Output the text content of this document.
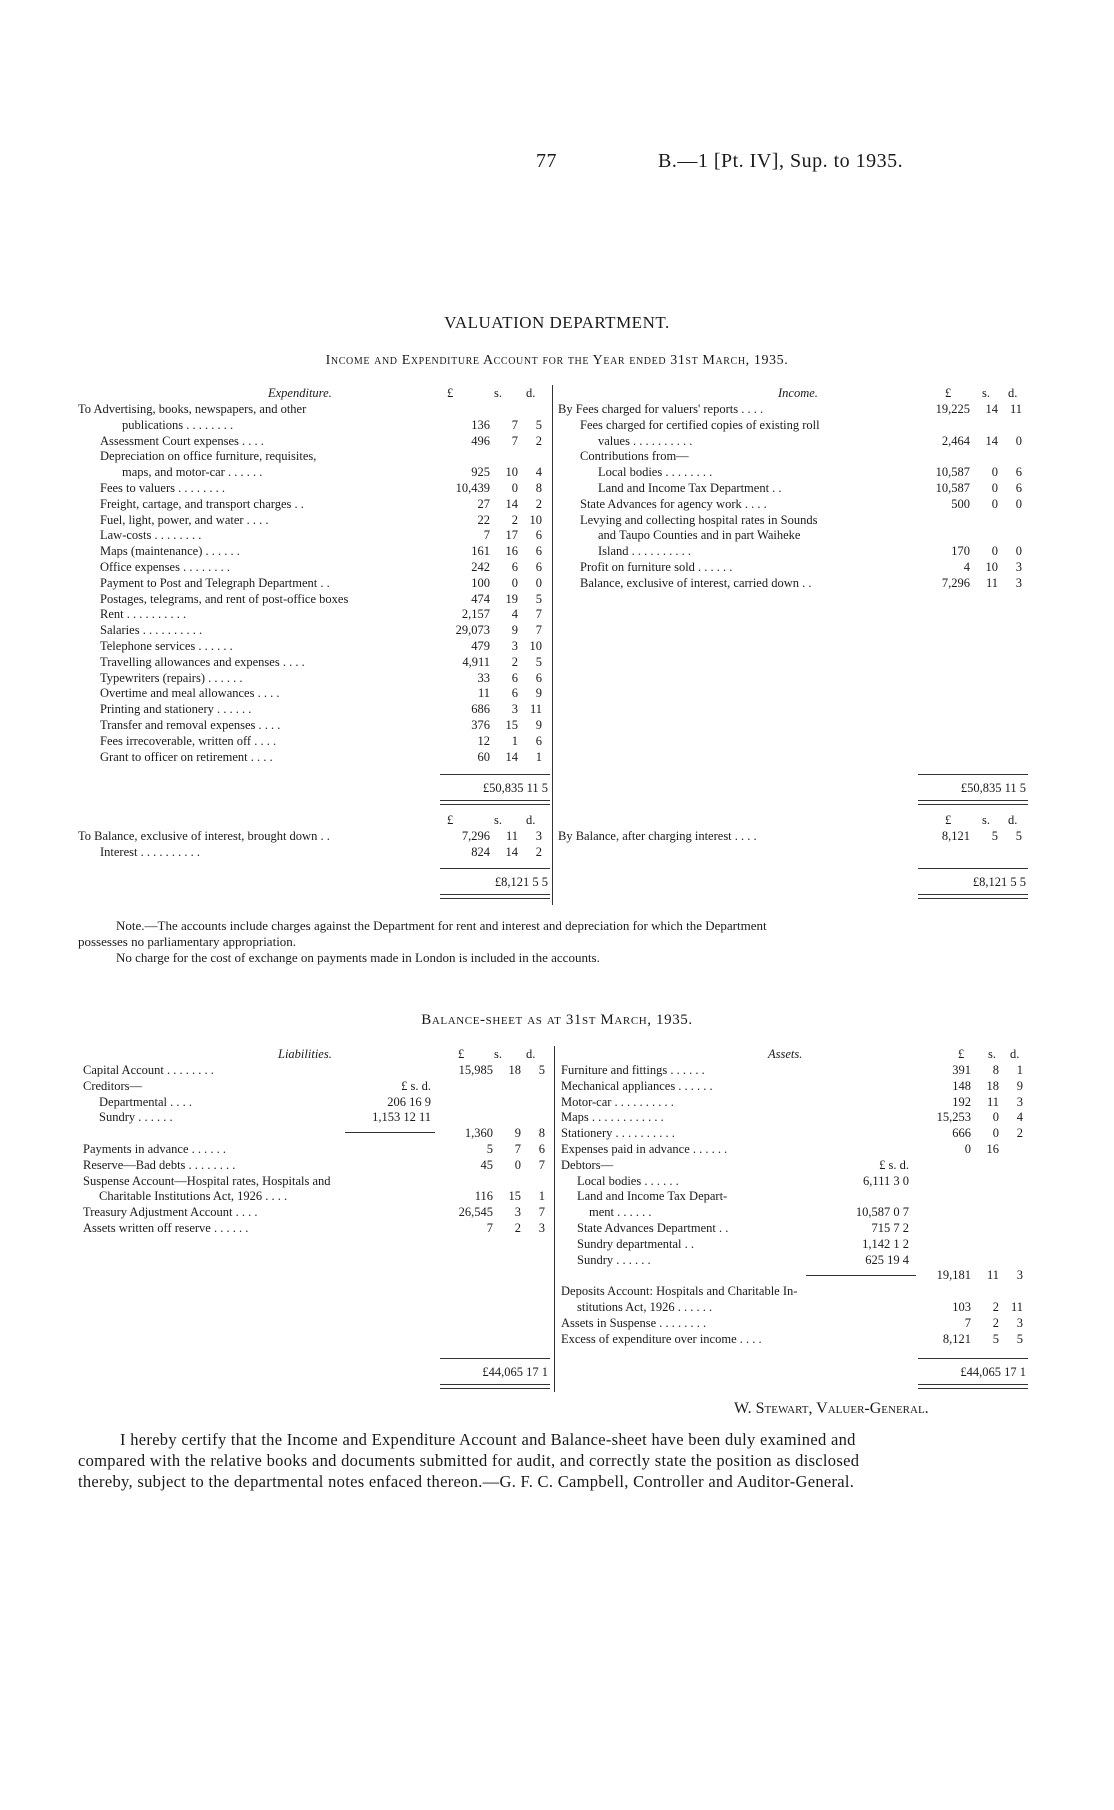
77	B.—1 [Pt. IV], Sup. to 1935.
VALUATION DEPARTMENT.
Income and Expenditure Account for the Year ended 31st March, 1935.
Expenditure.	£	s. d.	Income.	£ s. d.
To Advertising, books, newspapers, and other
publications . . . . . . . .	136 7 5
Assessment Court expenses . . . .	496 7 2
Depreciation on office furniture, requisites,
maps, and motor-car . . . . . .	925 10 4
Fees to valuers . . . . . . . .	10,439 0 8
Freight, cartage, and transport charges . .	27 14 2
Fuel, light, power, and water . . . .	22 2 10
Law-costs . . . . . . . .	7 17 6
Maps (maintenance) . . . . . .	161 16 6
Office expenses . . . . . . . .	242 6 6
Payment to Post and Telegraph Department . .	100 0 0
Postages, telegrams, and rent of post-office boxes	474 19 5
Rent . . . . . . . . . .	2,157 4 7
Salaries . . . . . . . . . .	29,073 9 7
Telephone services . . . . . .	479 3 10
Travelling allowances and expenses . . . .	4,911 2 5
Typewriters (repairs) . . . . . .	33 6 6
Overtime and meal allowances . . . .	11 6 9
Printing and stationery . . . . . .	686 3 11
Transfer and removal expenses . . . .	376 15 9
Fees irrecoverable, written off . . . .	12 1 6
Grant to officer on retirement . . . .	60 14 1
By Fees charged for valuers' reports . . . .	19,225 14 11
Fees charged for certified copies of existing roll
values . . . . . . . . . .	2,464 14 0
Contributions from—
Local bodies . . . . . . . .	10,587 0 6
Land and Income Tax Department . .	10,587 0 6
State Advances for agency work . . . .	500 0 0
Levying and collecting hospital rates in Sounds
and Taupo Counties and in part Waiheke
Island . . . . . . . . . .	170 0 0
Profit on furniture sold . . . . . .	4 10 3
Balance, exclusive of interest, carried down . .	7,296 11 3
£50,835 11 5	£50,835 11 5
£	s. d.	£ s. d.
To Balance, exclusive of interest, brought down . .	7,296 11 3
Interest . . . . . . . . . .	824 14 2
By Balance, after charging interest . . . .	8,121 5 5
£8,121 5 5	£8,121 5 5
Note.—The accounts include charges against the Department for rent and interest and depreciation for which the Department
possesses no parliamentary appropriation.
No charge for the cost of exchange on payments made in London is included in the accounts.
Balance-sheet as at 31st March, 1935.
Liabilities.	£ s. d.	Assets.	£ s. d.
Capital Account . . . . . . . .	15,985 18 5
Creditors—	£ s. d.
Departmental . . . .	206 16 9
Sundry . . . . . .	1,153 12 11
1,360 9 8
Payments in advance . . . . . .	5 7 6
Reserve—Bad debts . . . . . . . .	45 0 7
Suspense Account—Hospital rates, Hospitals and
Charitable Institutions Act, 1926 . . . .	116 15 1
Treasury Adjustment Account . . . .	26,545 3 7
Assets written off reserve . . . . . .	7 2 3
Furniture and fittings . . . . . .	391 8 1
Mechanical appliances . . . . . .	148 18 9
Motor-car . . . . . . . . . .	192 11 3
Maps . . . . . . . . . . . .	15,253 0 4
Stationery . . . . . . . . . .	666 0 2
Expenses paid in advance . . . . . .	0 16
Debtors—	£ s. d.
Local bodies . . . . . .	6,111 3 0
Land and Income Tax Depart-
ment . . . . . .	10,587 0 7
State Advances Department . .	715 7 2
Sundry departmental . .	1,142 1 2
Sundry . . . . . .	625 19 4
19,181 11 3
Deposits Account: Hospitals and Charitable In-
stitutions Act, 1926 . . . . . .	103 2 11
Assets in Suspense . . . . . . . .	7 2 3
Excess of expenditure over income . . . .	8,121 5 5
£44,065 17 1	£44,065 17 1
W. Stewart, Valuer-General.
I hereby certify that the Income and Expenditure Account and Balance-sheet have been duly examined and
compared with the relative books and documents submitted for audit, and correctly state the position as disclosed
thereby, subject to the departmental notes enfaced thereon.—G. F. C. Campbell, Controller and Auditor-General.
